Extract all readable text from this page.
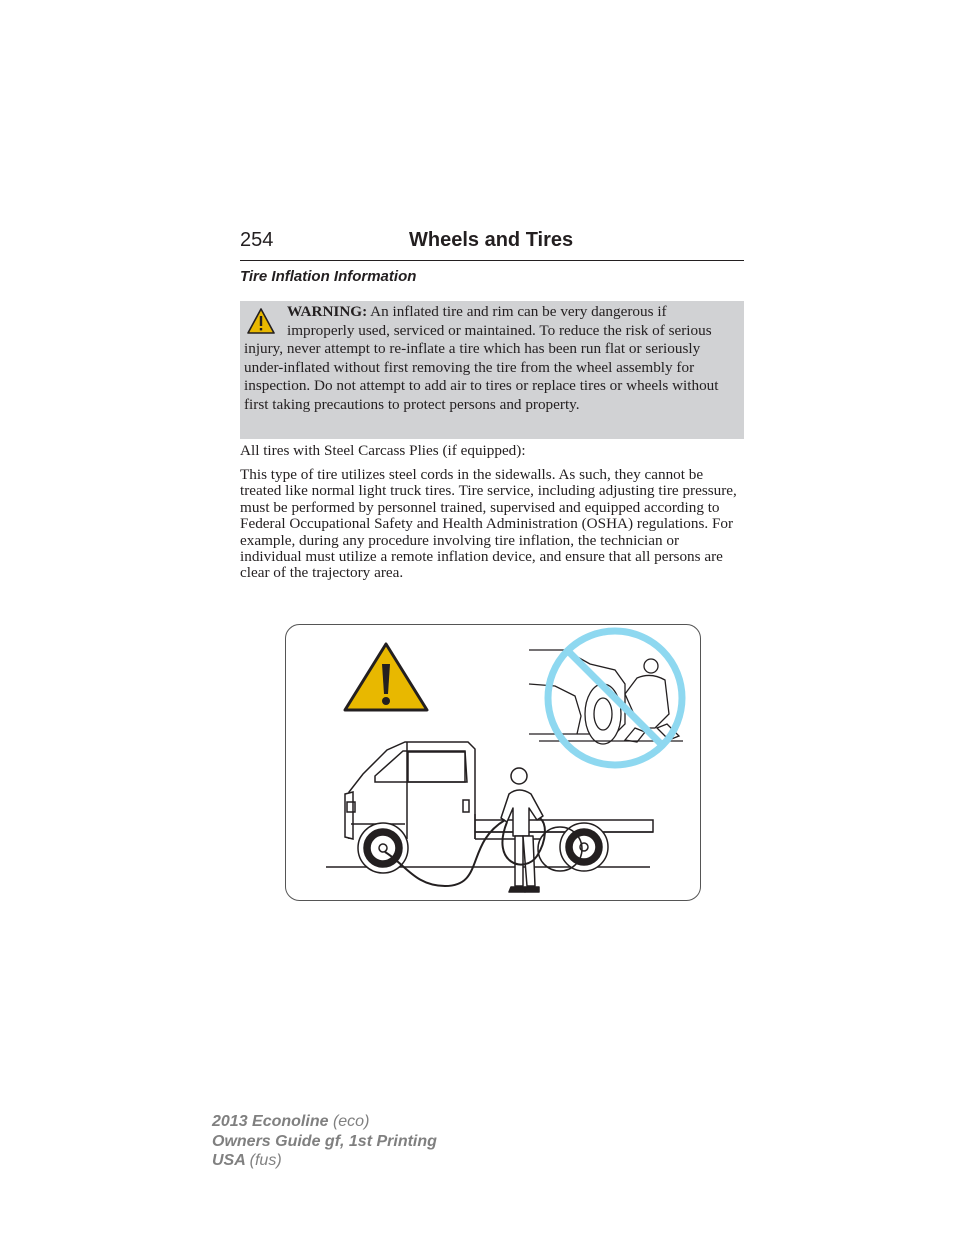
254	Wheels and Tires
Tire Inflation Information

WARNING: An inflated tire and rim can be very dangerous if improperly used, serviced or maintained. To reduce the risk of serious injury, never attempt to re-inflate a tire which has been run flat or seriously under-inflated without first removing the tire from the wheel assembly for inspection. Do not attempt to add air to tires or replace tires or wheels without first taking precautions to protect persons and property.

All tires with Steel Carcass Plies (if equipped):

This type of tire utilizes steel cords in the sidewalls. As such, they cannot be treated like normal light truck tires. Tire service, including adjusting tire pressure, must be performed by personnel trained, supervised and equipped according to Federal Occupational Safety and Health Administration (OSHA) regulations. For example, during any procedure involving tire inflation, the technician or individual must utilize a remote inflation device, and ensure that all persons are clear of the trajectory area.

2013 Econoline (eco)
Owners Guide gf, 1st Printing
USA (fus)
